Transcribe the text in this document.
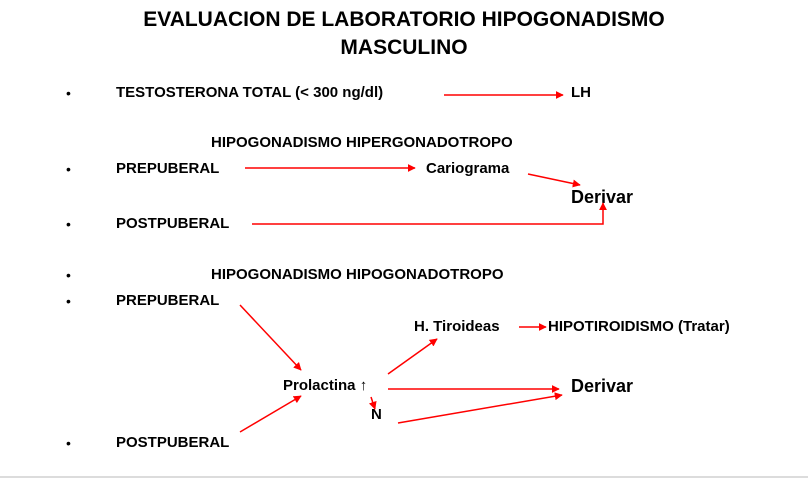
EVALUACION DE LABORATORIO HIPOGONADISMO
MASCULINO
•
•
•
•
•
•
TESTOSTERONA TOTAL (< 300 ng/dl)	LH
HIPOGONADISMO HIPERGONADOTROPO
PREPUBERAL	Cariograma
Derivar
POSTPUBERAL
HIPOGONADISMO HIPOGONADOTROPO
PREPUBERAL
H. Tiroideas	HIPOTIROIDISMO (Tratar)
Prolactina ↑	Derivar
N
POSTPUBERAL
